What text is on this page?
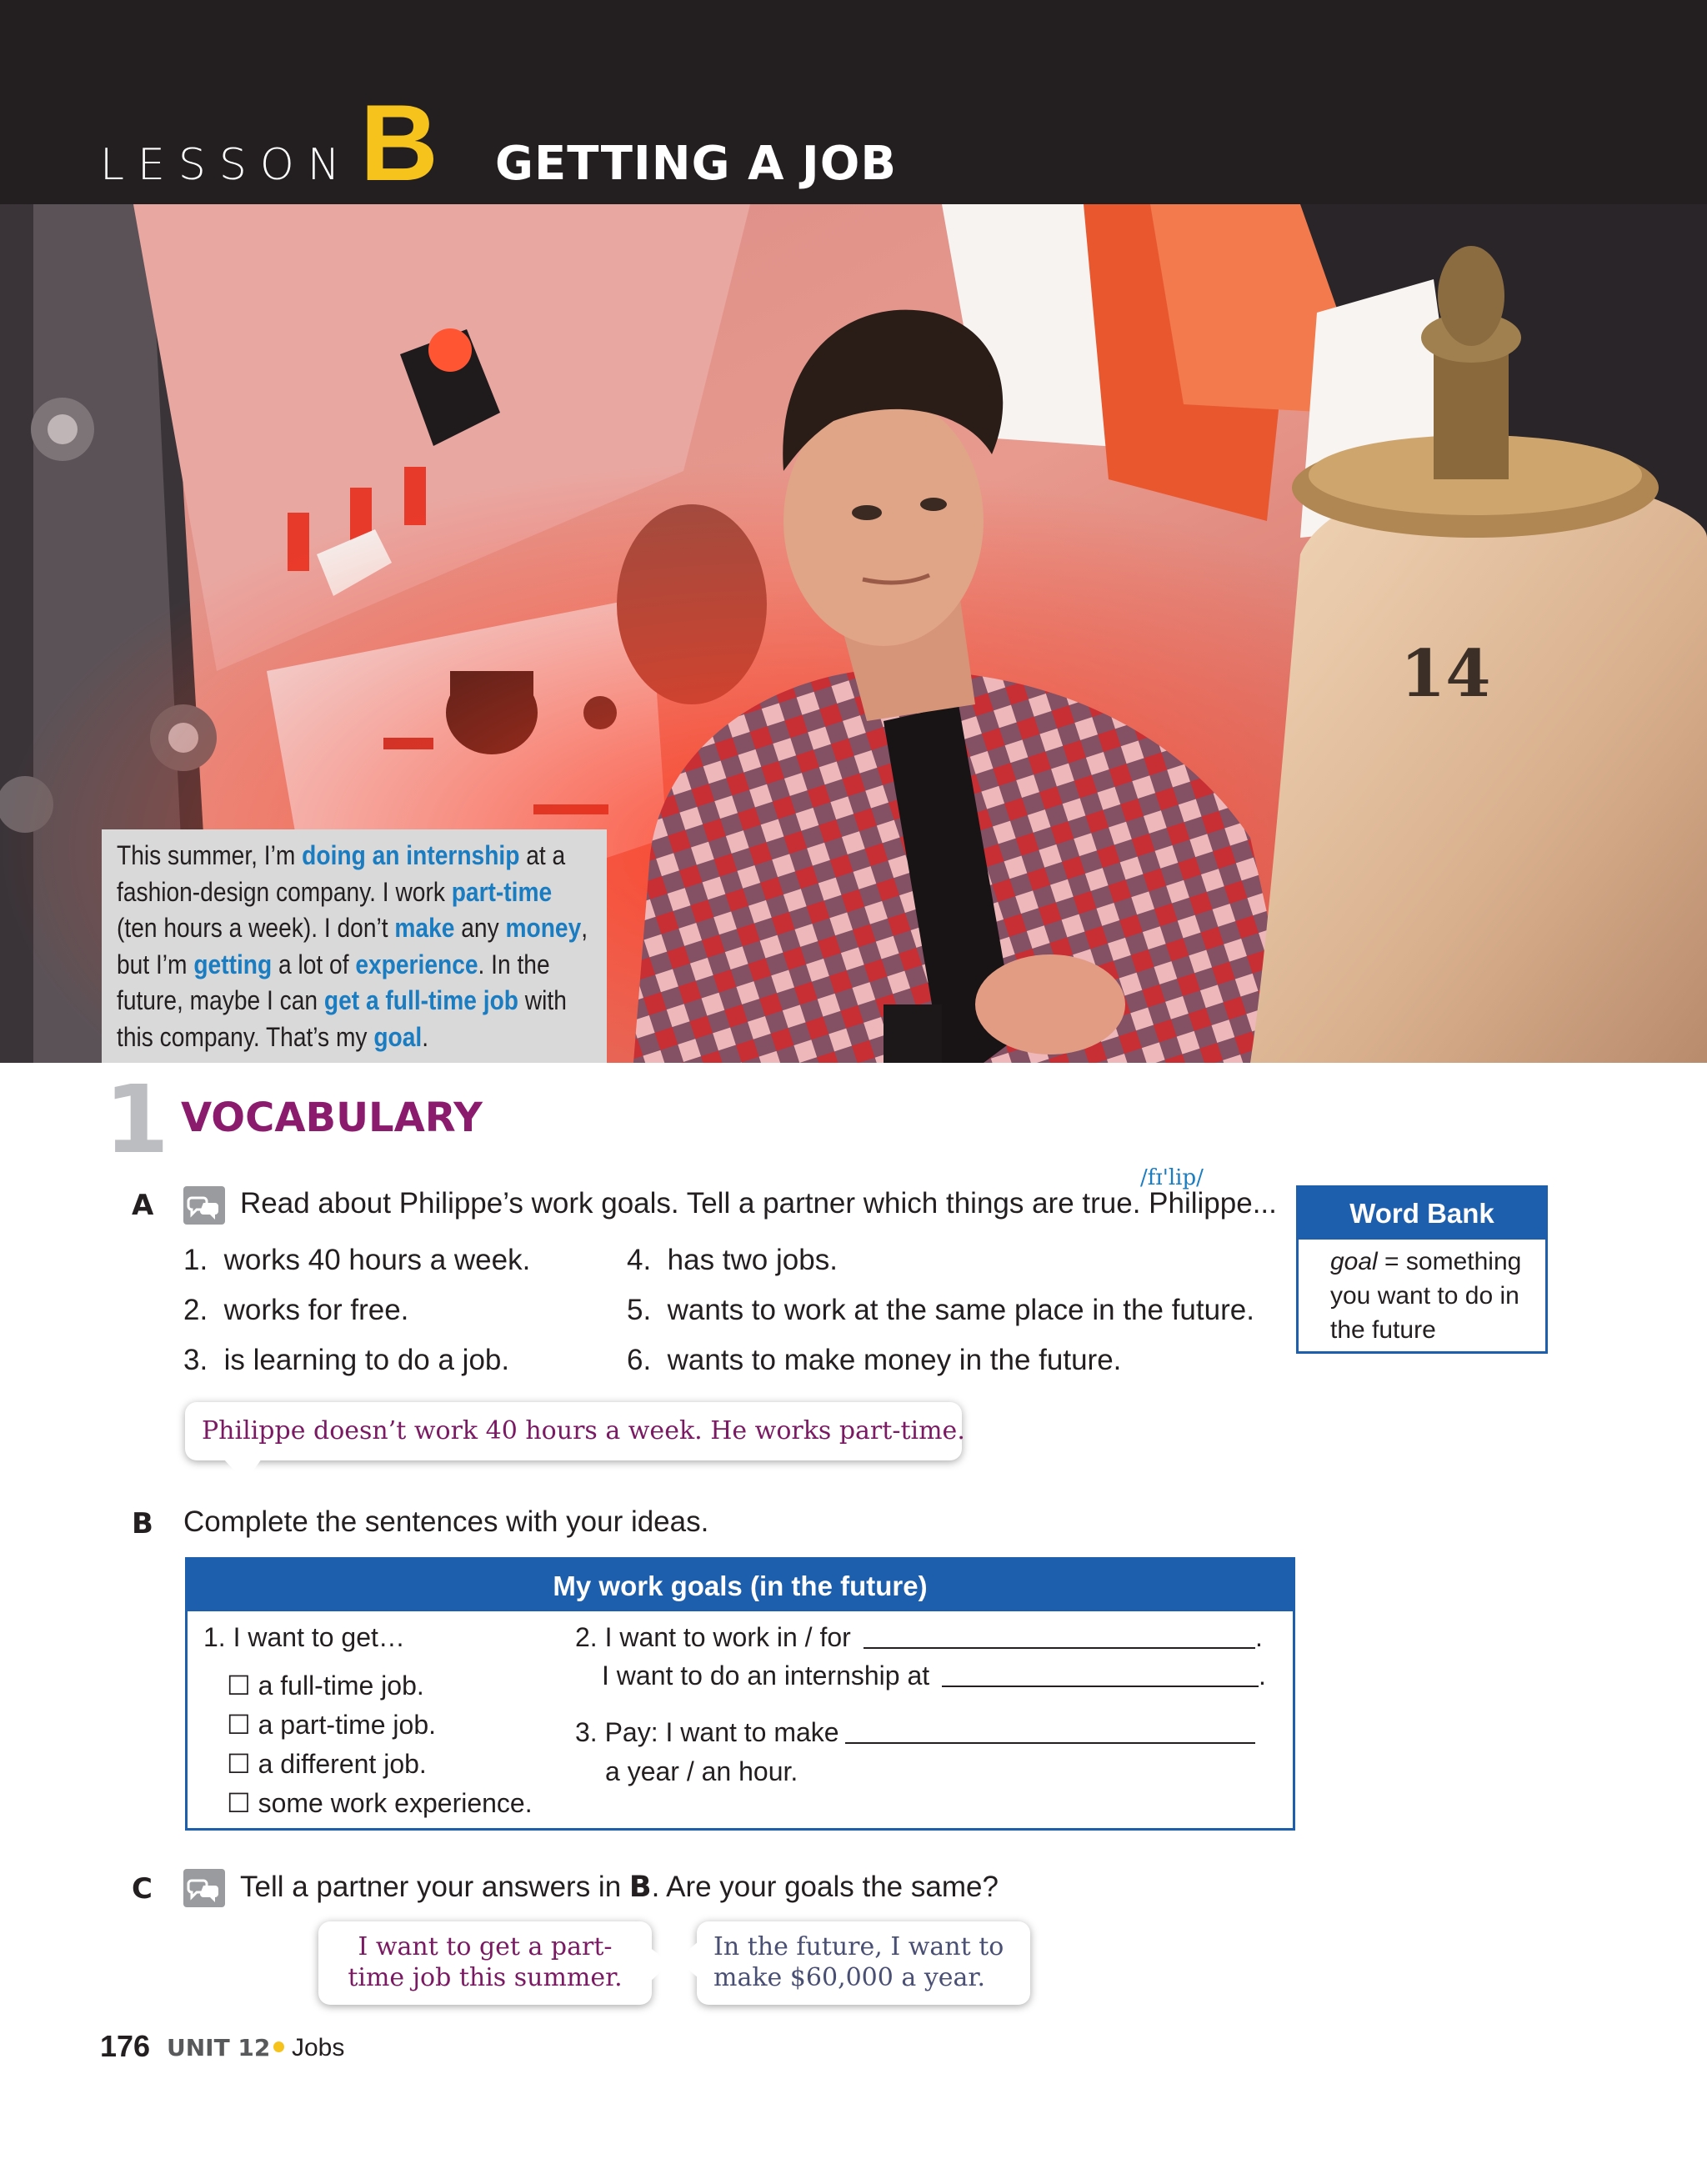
LESSON B GETTING A JOB
14

This summer, I’m doing an internship at a fashion-design company. I work part-time (ten hours a week). I don’t make any money, but I’m getting a lot of experience. In the future, maybe I can get a full-time job with this company. That’s my goal.

1 VOCABULARY
A	Read about Philippe’s work goals. Tell a partner which things are true. Philippe...
/fɪ'lip/
1. works 40 hours a week.
2. works for free.
3. is learning to do a job.
4. has two jobs.
5. wants to work at the same place in the future.
6. wants to make money in the future.
Word Bank
goal = something
you want to do in
the future
Philippe doesn’t work 40 hours a week. He works part-time.
B Complete the sentences with your ideas.
My work goals (in the future)
1. I want to get…
☐ a full-time job.
☐ a part-time job.
☐ a different job.
☐ some work experience.
2. I want to work in / for	.
I want to do an internship at	.
3. Pay: I want to make
a year / an hour.
C	Tell a partner your answers in B. Are your goals the same?
I want to get a part-
time job this summer.
In the future, I want to
make $60,000 a year.
176 UNIT 12 Jobs
